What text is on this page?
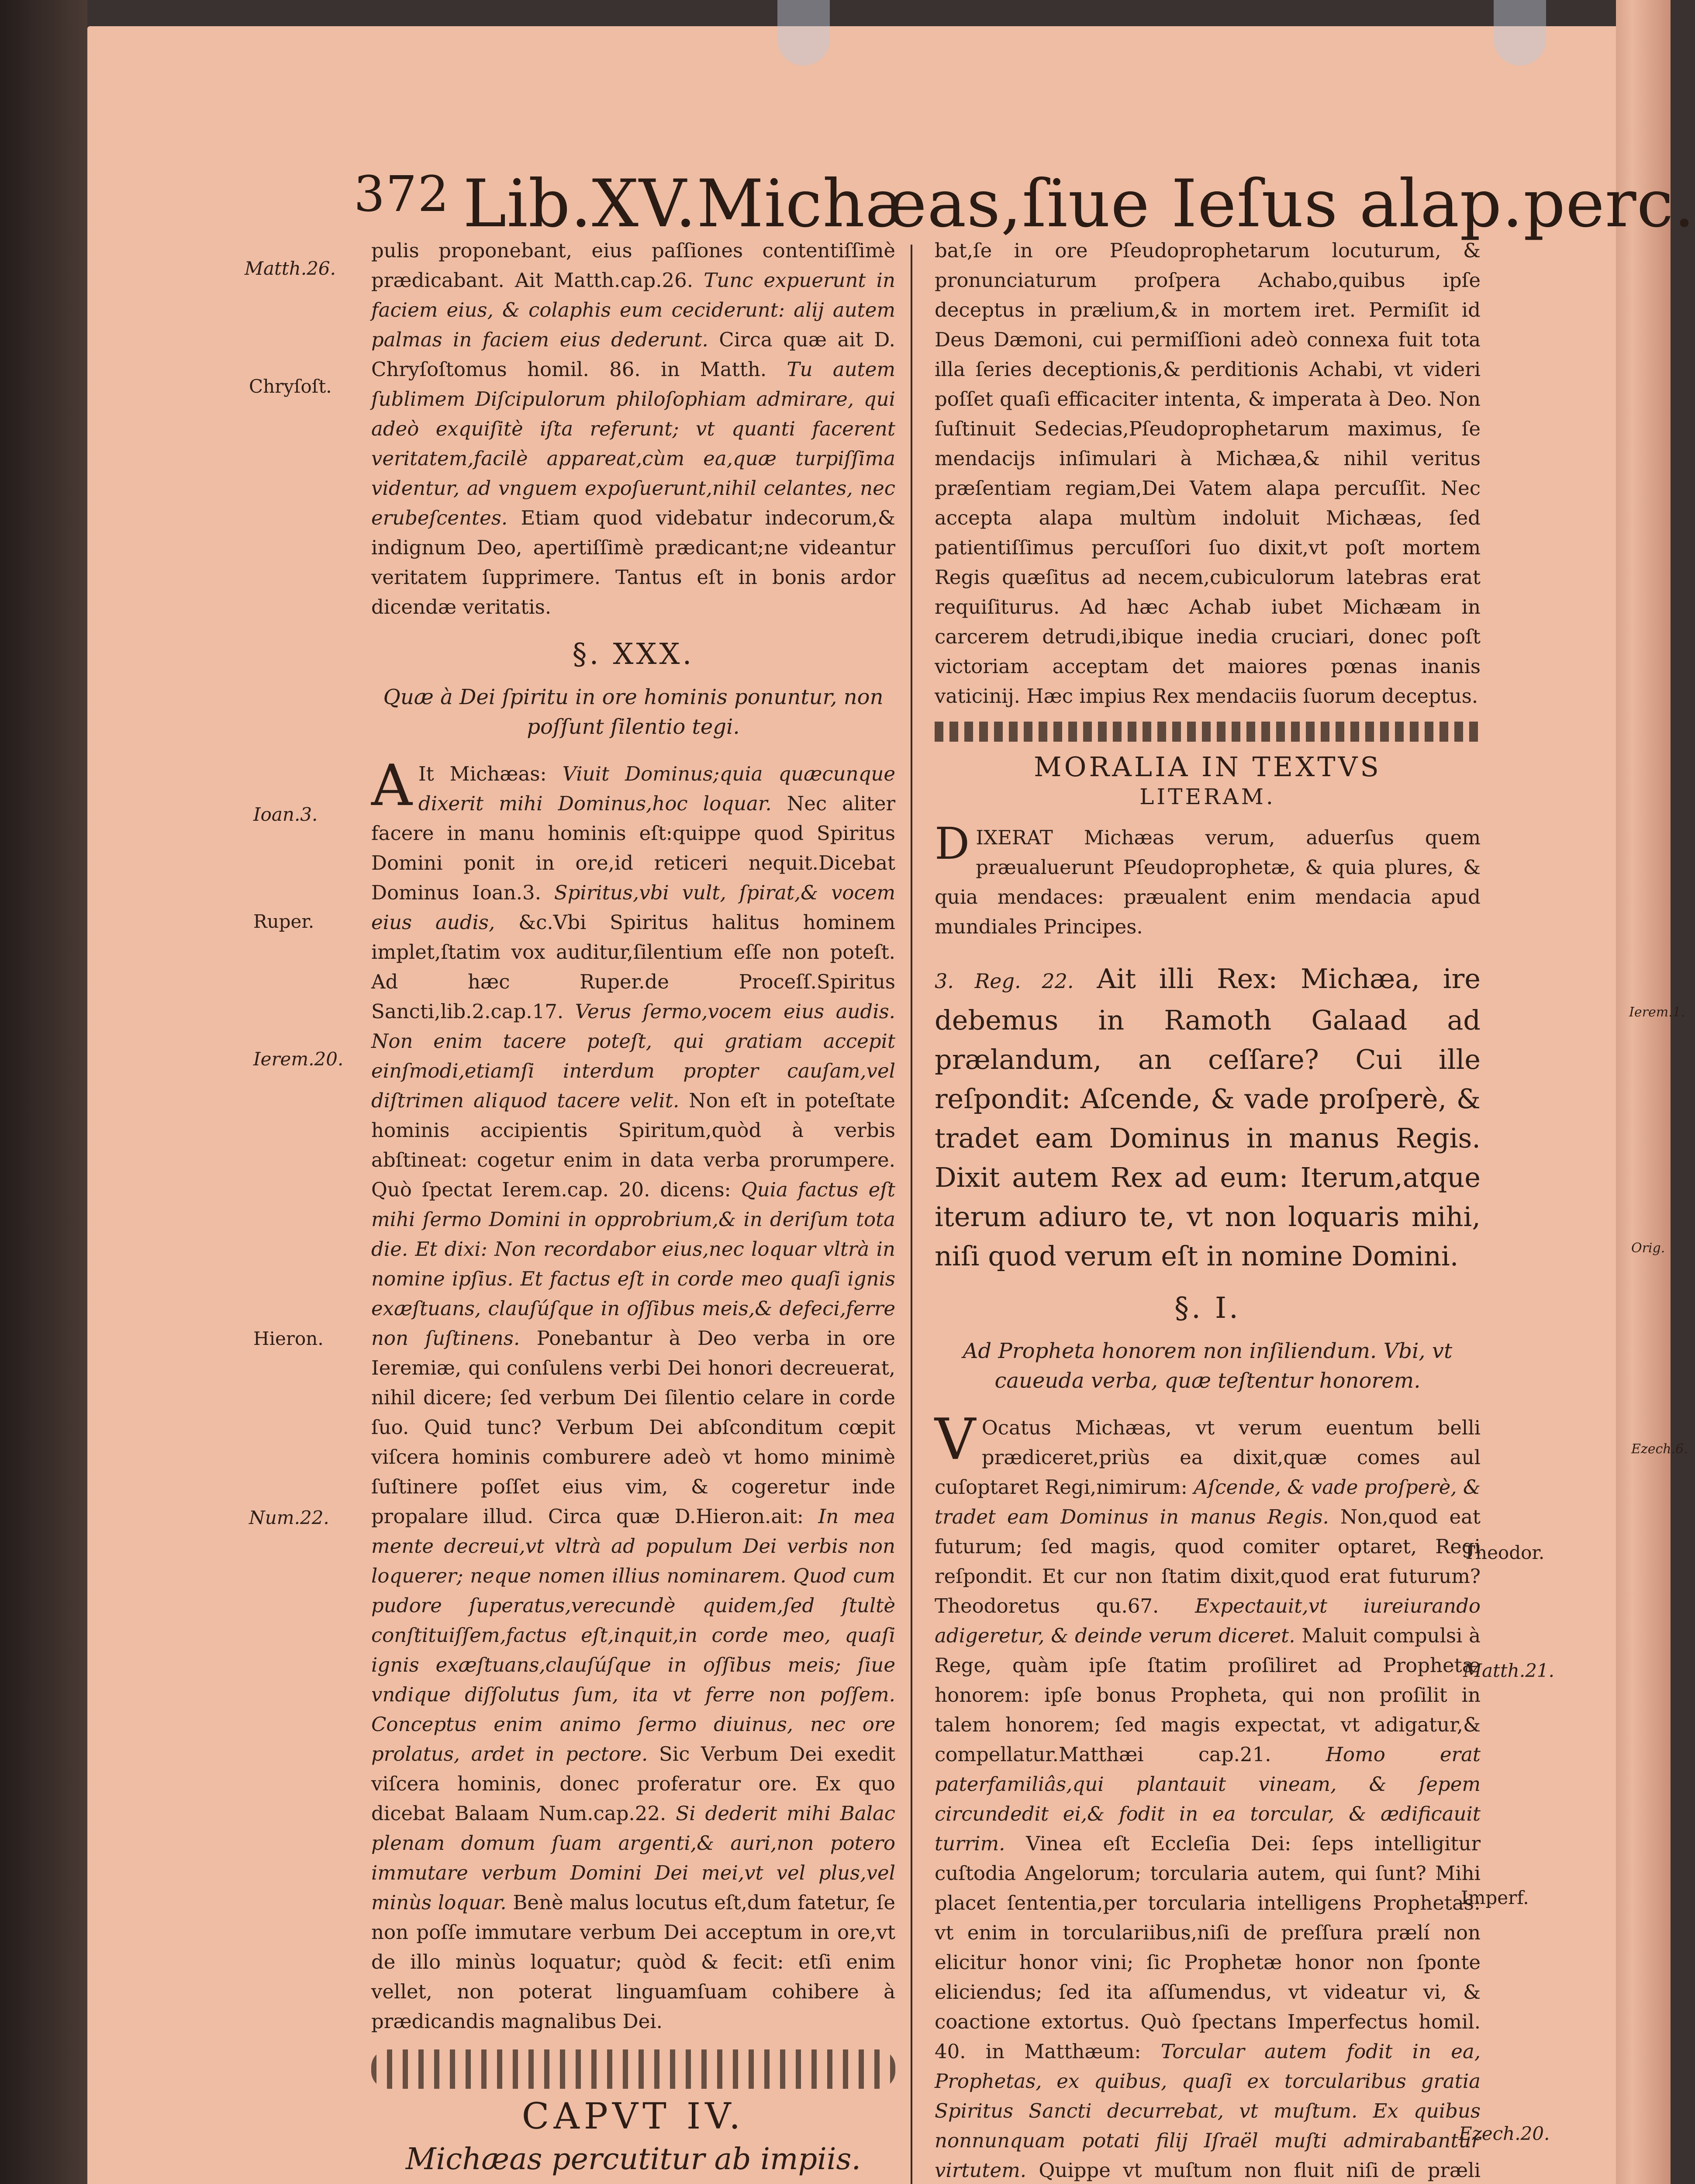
372 Lib.XV.Michæas,ſiue Ieſus alap.perc.
Matth.26.
Chryſoſt.
Ioan.3.
Ruper.
Ierem.20.
Hieron.
Num.22.
Theodor.
Matth.21.
Imperf.
Ezech.20.
Ierem.1.
Orig.
Ezech.6.

pulis proponebant, eius paſſiones contentiſſimè prædicabant. Ait Matth.cap.26. Tunc expuerunt in faciem eius, & colaphis eum ceciderunt: alij autem palmas in faciem eius dederunt. Circa quæ ait D. Chryſoſtomus homil. 86. in Matth. Tu autem ſublimem Diſcipulorum philoſophiam admirare, qui adeò exquiſitè iſta referunt; vt quanti facerent veritatem,facilè appareat,cùm ea,quæ turpiſſima videntur, ad vnguem expoſuerunt,nihil celantes, nec erubeſcentes. Etiam quod videbatur indecorum,& indignum Deo, apertiſſimè prædicant;ne videantur veritatem ſupprimere. Tantus eſt in bonis ardor dicendæ veritatis.

§. XXX.
Quæ à Dei ſpiritu in ore hominis ponuntur, non poſſunt ſilentio tegi.

A It Michæas: Viuit Dominus;quia quæcunque dixerit mihi Dominus,hoc loquar. Nec aliter facere in manu hominis eſt:quippe quod Spiritus Domini ponit in ore,id reticeri nequit.Dicebat Dominus Ioan.3. Spiritus,vbi vult, ſpirat,& vocem eius audis, &c.Vbi Spiritus halitus hominem implet,ſtatim vox auditur,ſilentium eſſe non poteſt. Ad hæc Ruper.de Proceſſ.Spiritus Sancti,lib.2.cap.17. Verus ſermo,vocem eius audis. Non enim tacere poteſt, qui gratiam accepit einſmodi,etiamſi interdum propter cauſam,vel diſtrimen aliquod tacere velit. Non eſt in poteſtate hominis accipientis Spiritum,quòd à verbis abſtineat: cogetur enim in data verba prorumpere. Quò ſpectat Ierem.cap. 20. dicens: Quia factus eſt mihi ſermo Domini in opprobrium,& in deriſum tota die. Et dixi: Non recordabor eius,nec loquar vltrà in nomine ipſius. Et factus eſt in corde meo quaſi ignis exæſtuans, clauſúſque in oſſibus meis,& defeci,ferre non ſuſtinens. Ponebantur à Deo verba in ore Ieremiæ, qui conſulens verbi Dei honori decreuerat, nihil dicere; ſed verbum Dei ſilentio celare in corde ſuo. Quid tunc? Verbum Dei abſconditum cœpit viſcera hominis comburere adeò vt homo minimè ſuſtinere poſſet eius vim, & cogeretur inde propalare illud. Circa quæ D.Hieron.ait: In mea mente decreui,vt vltrà ad populum Dei verbis non loquerer; neque nomen illius nominarem. Quod cum pudore ſuperatus,verecundè quidem,ſed ſtultè conſtituiſſem,factus eſt,inquit,in corde meo, quaſi ignis exæſtuans,clauſúſque in oſſibus meis; ſiue vndique diſſolutus ſum, ita vt ferre non poſſem. Conceptus enim animo ſermo diuinus, nec ore prolatus, ardet in pectore. Sic Verbum Dei exedit viſcera hominis, donec proferatur ore. Ex quo dicebat Balaam Num.cap.22. Si dederit mihi Balac plenam domum ſuam argenti,& auri,non potero immutare verbum Domini Dei mei,vt vel plus,vel minùs loquar. Benè malus locutus eſt,dum fatetur, ſe non poſſe immutare verbum Dei acceptum in ore,vt de illo minùs loquatur; quòd & fecit: etſi enim vellet, non poterat linguamſuam cohibere à prædicandis magnalibus Dei.

CAPVT IV.
Michæas percutitur ab impiis.

bat,ſe in ore Pſeudoprophetarum locuturum, & pronunciaturum proſpera Achabo,quibus ipſe deceptus in prælium,& in mortem iret. Permiſit id Deus Dæmoni, cui permiſſioni adeò connexa fuit tota illa ſeries deceptionis,& perditionis Achabi, vt videri poſſet quaſi efficaciter intenta, & imperata à Deo. Non ſuſtinuit Sedecias,Pſeudoprophetarum maximus, ſe mendacijs inſimulari à Michæa,& nihil veritus præſentiam regiam,Dei Vatem alapa percuſſit. Nec accepta alapa multùm indoluit Michæas, ſed patientiſſimus percuſſori ſuo dixit,vt poſt mortem Regis quæſitus ad necem,cubiculorum latebras erat requiſiturus. Ad hæc Achab iubet Michæam in carcerem detrudi,ibique inedia cruciari, donec poſt victoriam acceptam det maiores pœnas inanis vaticinij. Hæc impius Rex mendaciis ſuorum deceptus.

MORALIA IN TEXTVS
LITERAM.

D IXERAT Michæas verum, aduerſus quem præualuerunt Pſeudoprophetæ, & quia plures, & quia mendaces: præualent enim mendacia apud mundiales Principes.

3. Reg. 22. Ait illi Rex: Michæa, ire debemus in Ramoth Galaad ad prælandum, an ceſſare? Cui ille reſpondit: Aſcende, & vade proſperè, & tradet eam Dominus in manus Regis. Dixit autem Rex ad eum: Iterum,atque iterum adiuro te, vt non loquaris mihi, niſi quod verum eſt in nomine Domini.

§. I.
Ad Propheta honorem non inſiliendum. Vbi, vt caueuda verba, quæ teſtentur honorem.

V Ocatus Michæas, vt verum euentum belli prædiceret,priùs ea dixit,quæ comes aul cuſoptaret Regi,nimirum: Aſcende, & vade proſperè, & tradet eam Dominus in manus Regis. Non,quod eat futurum; ſed magis, quod comiter optaret, Regi reſpondit. Et cur non ſtatim dixit,quod erat futurum? Theodoretus qu.67. Expectauit,vt iureiurando adigeretur, & deinde verum diceret. Maluit compulsi à Rege, quàm ipſe ſtatim proſiliret ad Prophetæ honorem: ipſe bonus Propheta, qui non proſilit in talem honorem; ſed magis expectat, vt adigatur,& compellatur.Matthæi cap.21.	Homo erat paterfamiliâs,qui plantauit vineam, & ſepem circundedit ei,& fodit in ea torcular, & ædificauit turrim. Vinea eſt Eccleſia Dei: ſeps intelligitur cuſtodia Angelorum; torcularia autem, qui ſunt? Mihi placet ſententia,per torcularia intelligens Prophetas: vt enim in torculariibus,niſi de preſſura prælí non elicitur honor vini; ſic Prophetæ honor non ſponte eliciendus; ſed ita aſſumendus, vt videatur vi, & coactione extortus. Quò ſpectans Imperfectus homil. 40. in Matthæum: Torcular autem fodit in ea, Prophetas, ex quibus, quaſi ex torcularibus gratia Spiritus Sancti decurrebat, vt muſtum. Ex quibus nonnunquam potati filij Iſraël muſti admirabantur virtutem. Quippe vt muſtum non fluit niſi de præli
